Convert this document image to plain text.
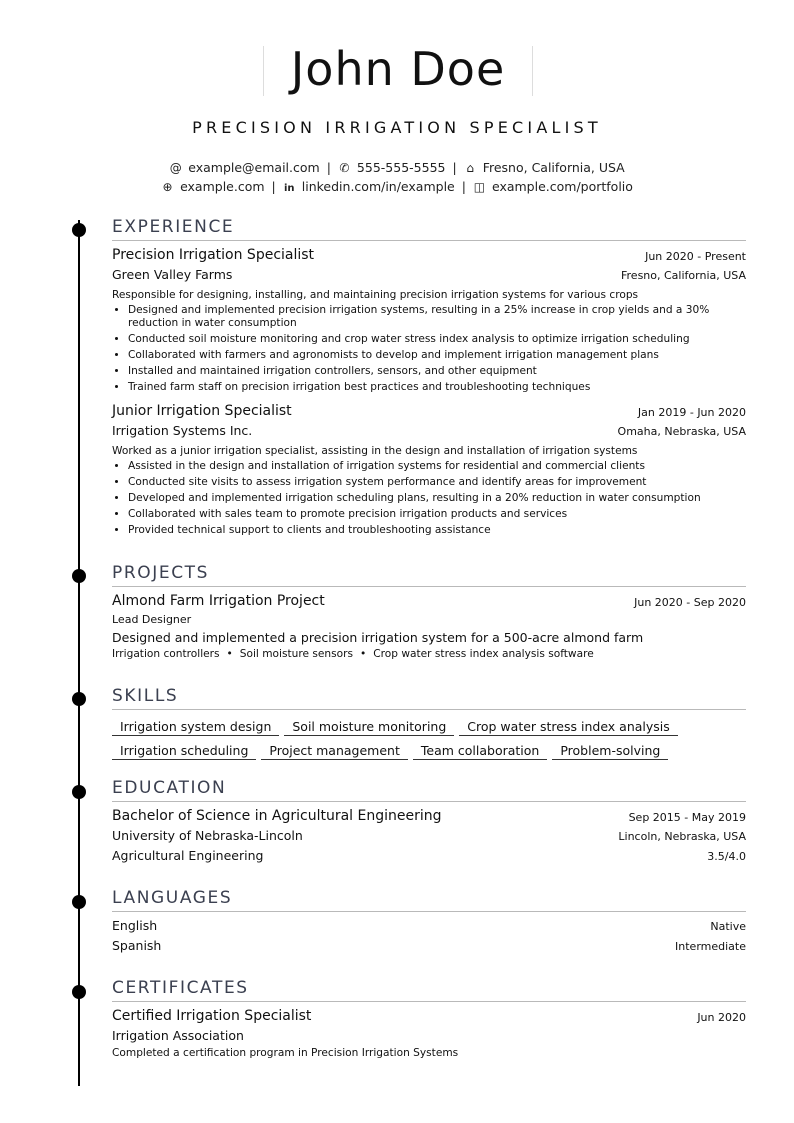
John Doe
PRECISION IRRIGATION SPECIALIST
@ example@email.com | ✆ 555-555-5555 | ⌂ Fresno, California, USA
⊕ example.com | in linkedin.com/in/example | ◫ example.com/portfolio
EXPERIENCE
Precision Irrigation Specialist	Jun 2020 - Present
Green Valley Farms	Fresno, California, USA
Responsible for designing, installing, and maintaining precision irrigation systems for various crops
• Designed and implemented precision irrigation systems, resulting in a 25% increase in crop yields and a 30% reduction in water consumption
• Conducted soil moisture monitoring and crop water stress index analysis to optimize irrigation scheduling
• Collaborated with farmers and agronomists to develop and implement irrigation management plans
• Installed and maintained irrigation controllers, sensors, and other equipment
• Trained farm staff on precision irrigation best practices and troubleshooting techniques
Junior Irrigation Specialist	Jan 2019 - Jun 2020
Irrigation Systems Inc.	Omaha, Nebraska, USA
Worked as a junior irrigation specialist, assisting in the design and installation of irrigation systems
• Assisted in the design and installation of irrigation systems for residential and commercial clients
• Conducted site visits to assess irrigation system performance and identify areas for improvement
• Developed and implemented irrigation scheduling plans, resulting in a 20% reduction in water consumption
• Collaborated with sales team to promote precision irrigation products and services
• Provided technical support to clients and troubleshooting assistance
PROJECTS
Almond Farm Irrigation Project	Jun 2020 - Sep 2020
Lead Designer
Designed and implemented a precision irrigation system for a 500-acre almond farm
Irrigation controllers • Soil moisture sensors • Crop water stress index analysis software
SKILLS
Irrigation system design Soil moisture monitoring Crop water stress index analysis
Irrigation scheduling Project management Team collaboration Problem-solving
EDUCATION
Bachelor of Science in Agricultural Engineering	Sep 2015 - May 2019
University of Nebraska-Lincoln	Lincoln, Nebraska, USA
Agricultural Engineering	3.5/4.0
LANGUAGES
English	Native
Spanish	Intermediate
CERTIFICATES
Certified Irrigation Specialist	Jun 2020
Irrigation Association
Completed a certification program in Precision Irrigation Systems
